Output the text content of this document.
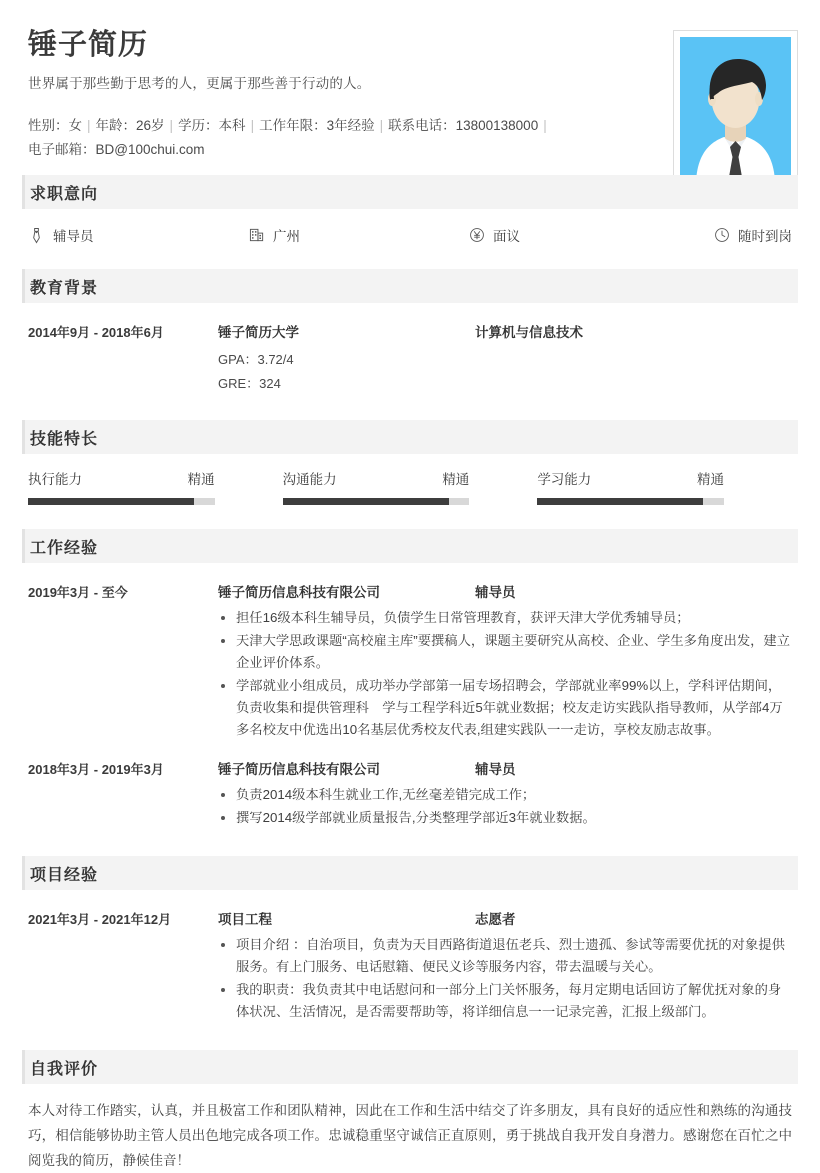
锤子简历
世界属于那些勤于思考的人，更属于那些善于行动的人。
性别：女 | 年龄：26岁 | 学历：本科 | 工作年限：3年经验 | 联系电话：13800138000 |电子邮箱：BD@100chui.com
求职意向
辅导员	广州	面议	随时到岗
教育背景
2014年9月 - 2018年6月	锤子简历大学	计算机与信息技术
GPA：3.72/4
GRE：324
技能特长
执行能力	精通	沟通能力	精通	学习能力	精通
工作经验
2019年3月 - 至今	锤子简历信息科技有限公司	辅导员
担任16级本科生辅导员，负债学生日常管理教育，获评天津大学优秀辅导员；
天津大学思政课题“高校雇主库”要撰稿人，课题主要研究从高校、企业、学生多角度出发，建立企业评价体系。
学部就业小组成员，成功举办学部第一届专场招聘会，学部就业率99%以上，学科评估期间，负责收集和提供管理科　学与工程学科近5年就业数据；校友走访实践队指导教师，从学部4万多名校友中优选出10名基层优秀校友代表,组建实践队一一走访，享校友励志故事。
2018年3月 - 2019年3月	锤子简历信息科技有限公司	辅导员
负责2014级本科生就业工作,无丝毫差错完成工作；
撰写2014级学部就业质量报告,分类整理学部近3年就业数据。
项目经验
2021年3月 - 2021年12月	项目工程	志愿者
项目介绍 ：自治项目，负责为天目西路街道退伍老兵、烈士遗孤、参试等需要优抚的对象提供服务。有上门服务、电话慰籍、便民义诊等服务内容，带去温暖与关心。
我的职责：我负责其中电话慰问和一部分上门关怀服务，每月定期电话回访了解优抚对象的身体状况、生活情况，是否需要帮助等，将详细信息一一记录完善，汇报上级部门。
自我评价
本人对待工作踏实，认真，并且极富工作和团队精神，因此在工作和生活中结交了许多朋友，具有良好的适应性和熟练的沟通技巧，相信能够协助主管人员出色地完成各项工作。忠诚稳重坚守诚信正直原则，勇于挑战自我开发自身潜力。感谢您在百忙之中阅览我的简历，静候佳音！
